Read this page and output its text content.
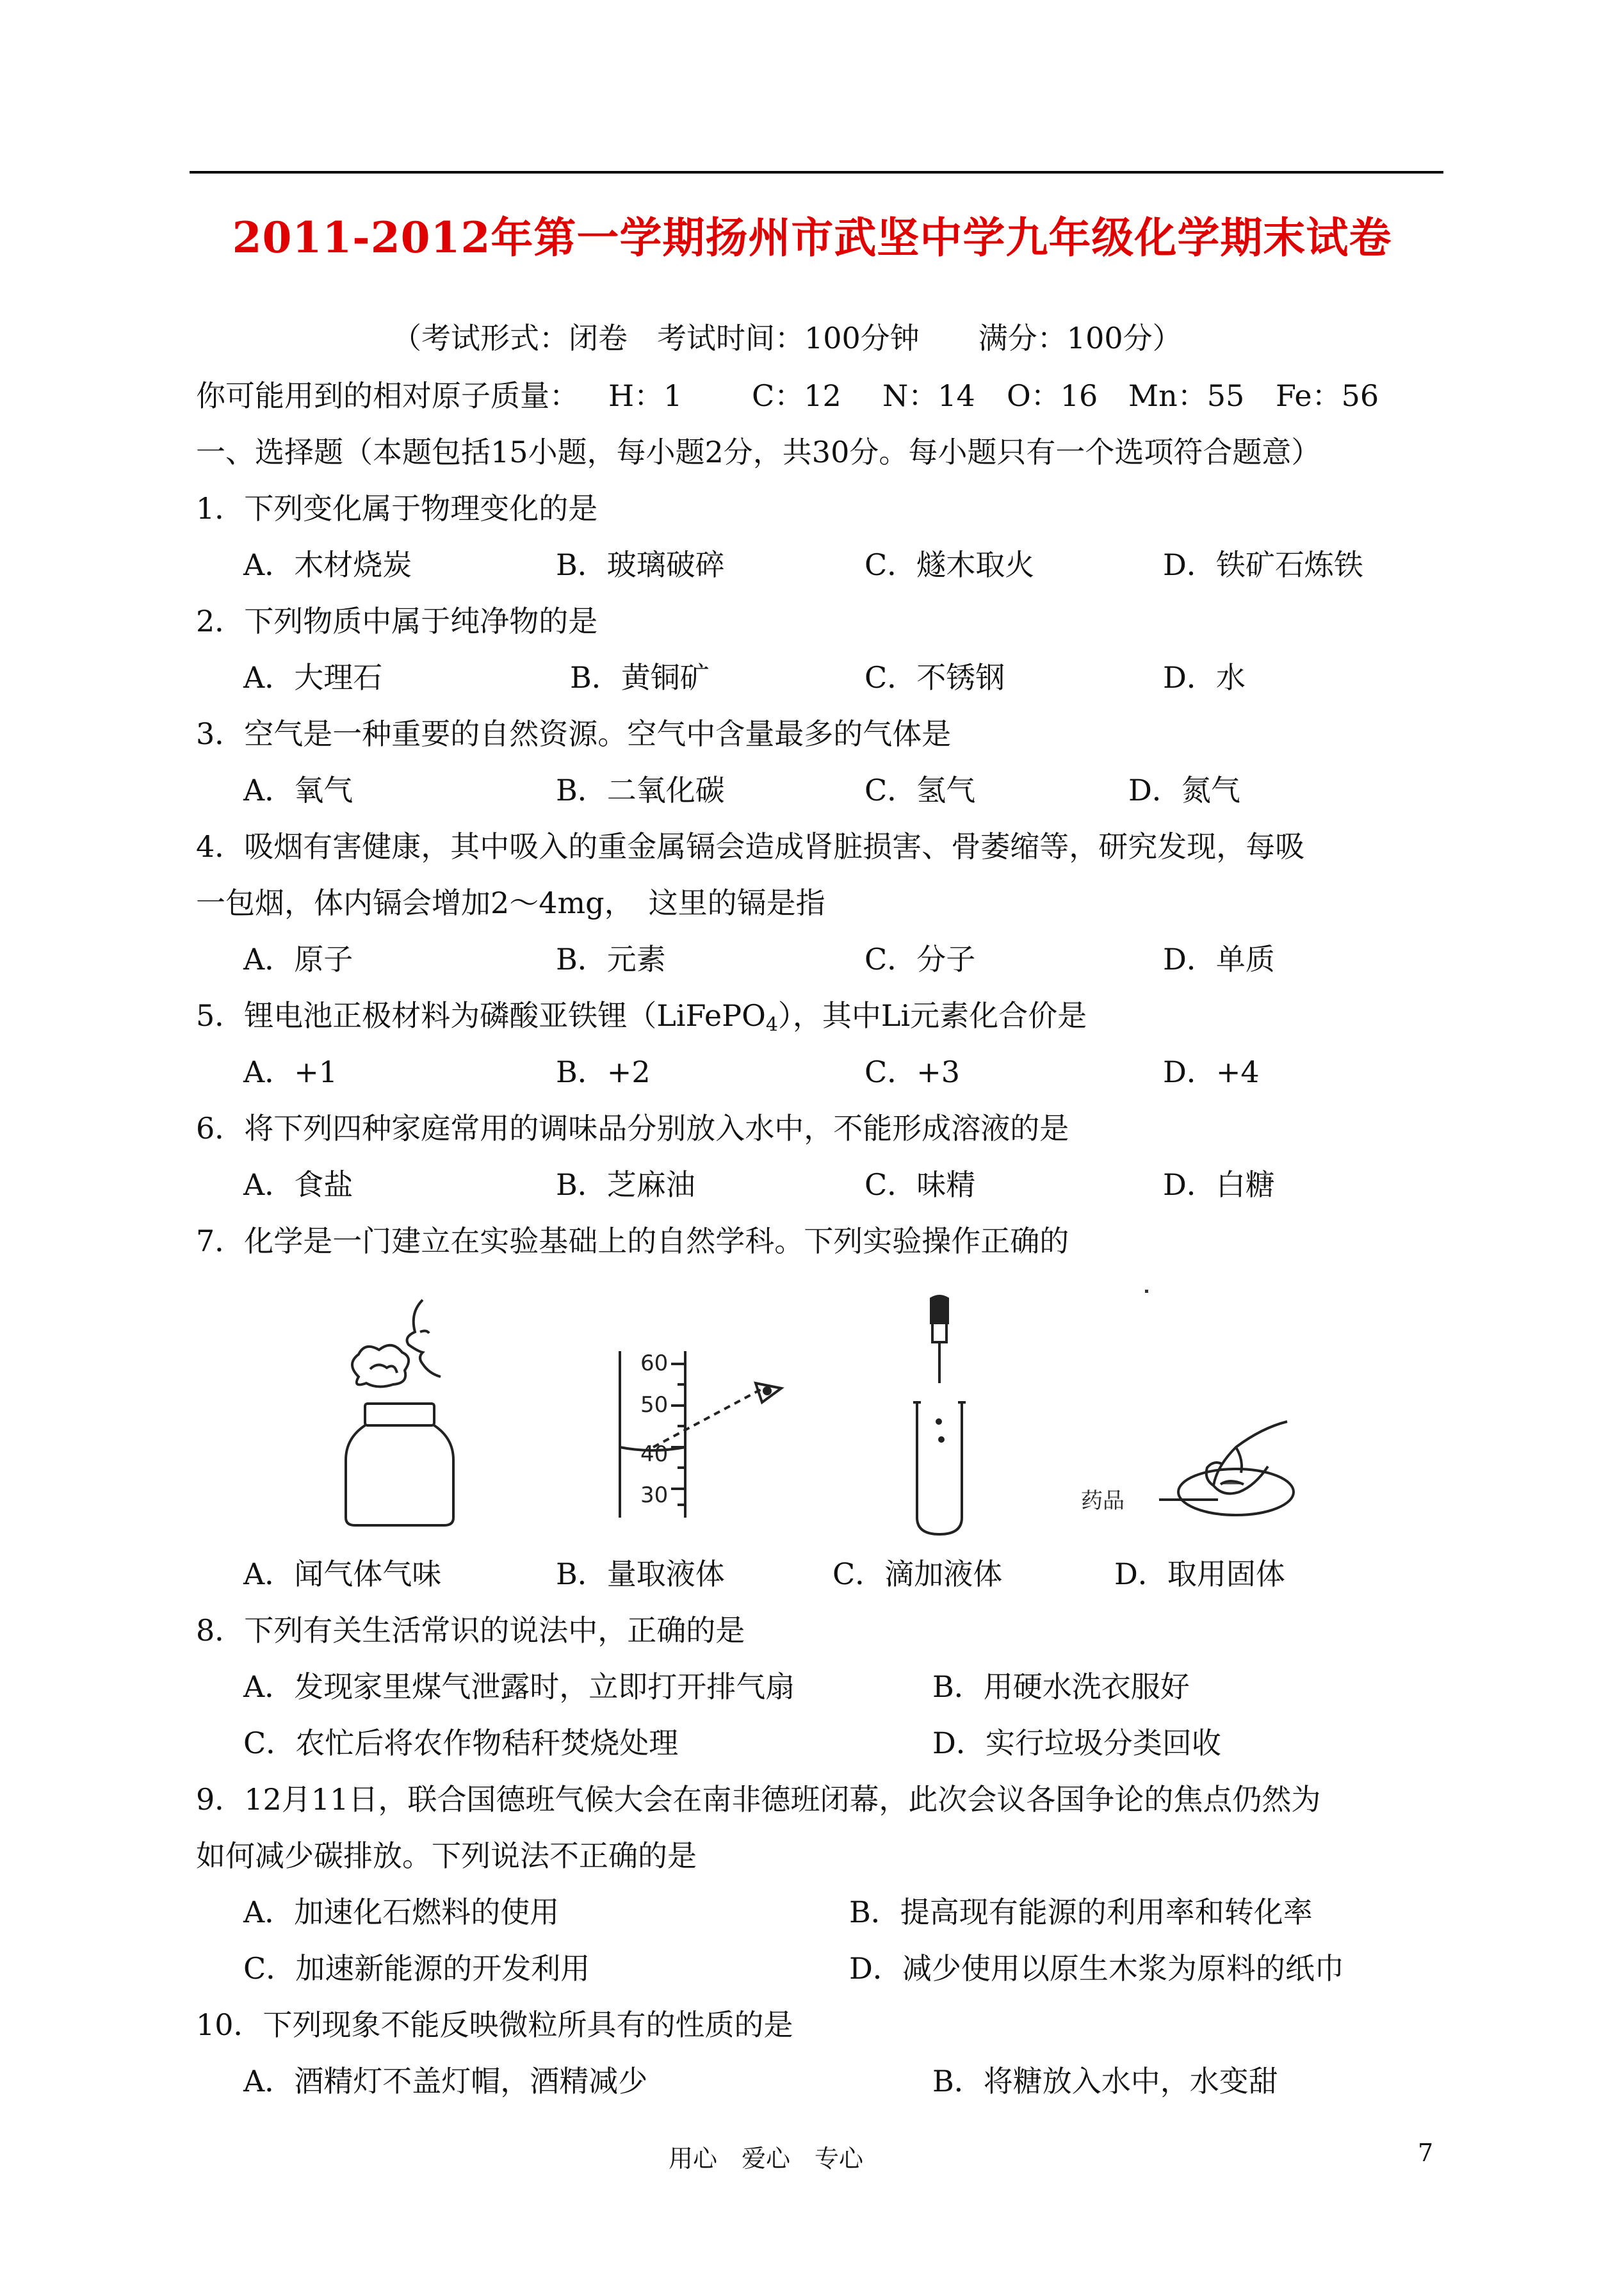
2011-2012年第一学期扬州市武坚中学九年级化学期末试卷
（考试形式：闭卷　考试时间：100分钟　　满分：100分）
你可能用到的相对原子质量： H：1 C：12 N：14 O：16 Mn：55 Fe：56
一、选择题（本题包括15小题，每小题2分，共30分。每小题只有一个选项符合题意）
1．下列变化属于物理变化的是
A．木材烧炭	B．玻璃破碎	C．燧木取火	D．铁矿石炼铁
2．下列物质中属于纯净物的是
A．大理石	B．黄铜矿	C．不锈钢	D．水
3．空气是一种重要的自然资源。空气中含量最多的气体是
A．氧气	B．二氧化碳	C．氢气	D．氮气
4．吸烟有害健康，其中吸入的重金属镉会造成肾脏损害、骨萎缩等，研究发现，每吸
一包烟，体内镉会增加2～4mg，　这里的镉是指
A．原子	B．元素	C．分子	D．单质
5．锂电池正极材料为磷酸亚铁锂（LiFePO$_4$），其中Li元素化合价是
A．+1	B．+2	C．+3	D．+4
6．将下列四种家庭常用的调味品分别放入水中，不能形成溶液的是
A．食盐	B．芝麻油	C．味精	D．白糖
7．化学是一门建立在实验基础上的自然学科。下列实验操作正确的
60
50
40
30	药品
A．闻气体气味	B．量取液体	C．滴加液体	D．取用固体
8．下列有关生活常识的说法中，正确的是
A．发现家里煤气泄露时，立即打开排气扇	B．用硬水洗衣服好
C．农忙后将农作物秸秆焚烧处理	D．实行垃圾分类回收
9．12月11日，联合国德班气候大会在南非德班闭幕，此次会议各国争论的焦点仍然为
如何减少碳排放。下列说法不正确的是
A．加速化石燃料的使用	B．提高现有能源的利用率和转化率
C．加速新能源的开发利用	D．减少使用以原生木浆为原料的纸巾
10．下列现象不能反映微粒所具有的性质的是
A．酒精灯不盖灯帽，酒精减少	B．将糖放入水中，水变甜
用心　爱心　专心	7
